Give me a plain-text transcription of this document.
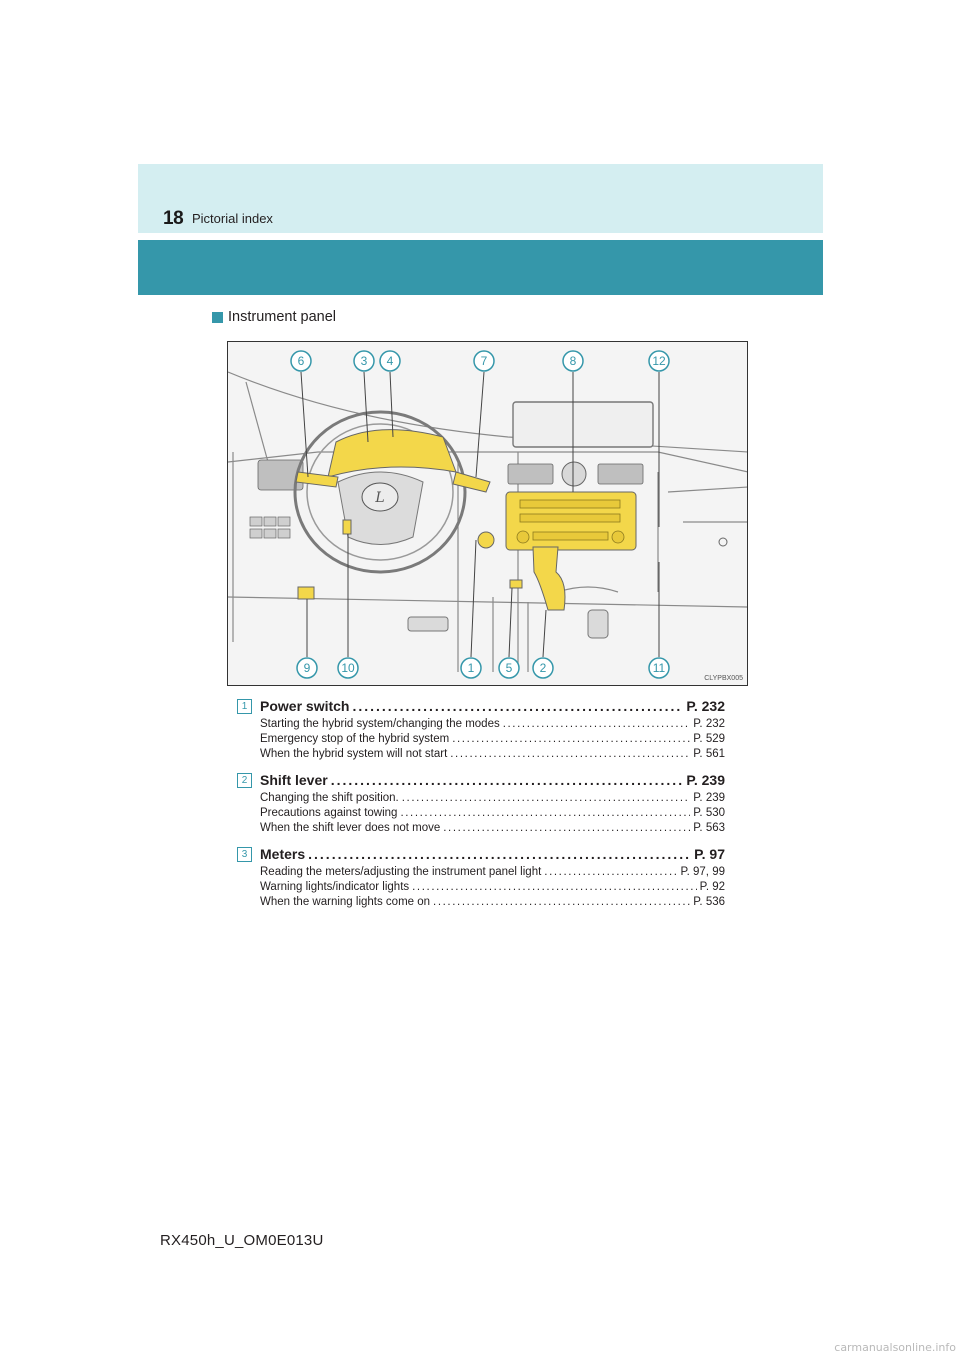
18 Pictorial index
Instrument panel
L
6	3 4	7	8	12
9	10	1	5 2	11
CLYPBX005
1 Power switch .....	P. 232
Starting the hybrid system/changing the modes .....	P. 232
Emergency stop of the hybrid system .....	P. 529
When the hybrid system will not start .....	P. 561
2 Shift lever .....	P. 239
Changing the shift position. .....	P. 239
Precautions against towing .....	P. 530
When the shift lever does not move .....	P. 563
3 Meters .....	P. 97
Reading the meters/adjusting the instrument panel light .....	P. 97, 99
Warning lights/indicator lights .....	P. 92
When the warning lights come on .....	P. 536
RX450h_U_OM0E013U
carmanualsonline.info
